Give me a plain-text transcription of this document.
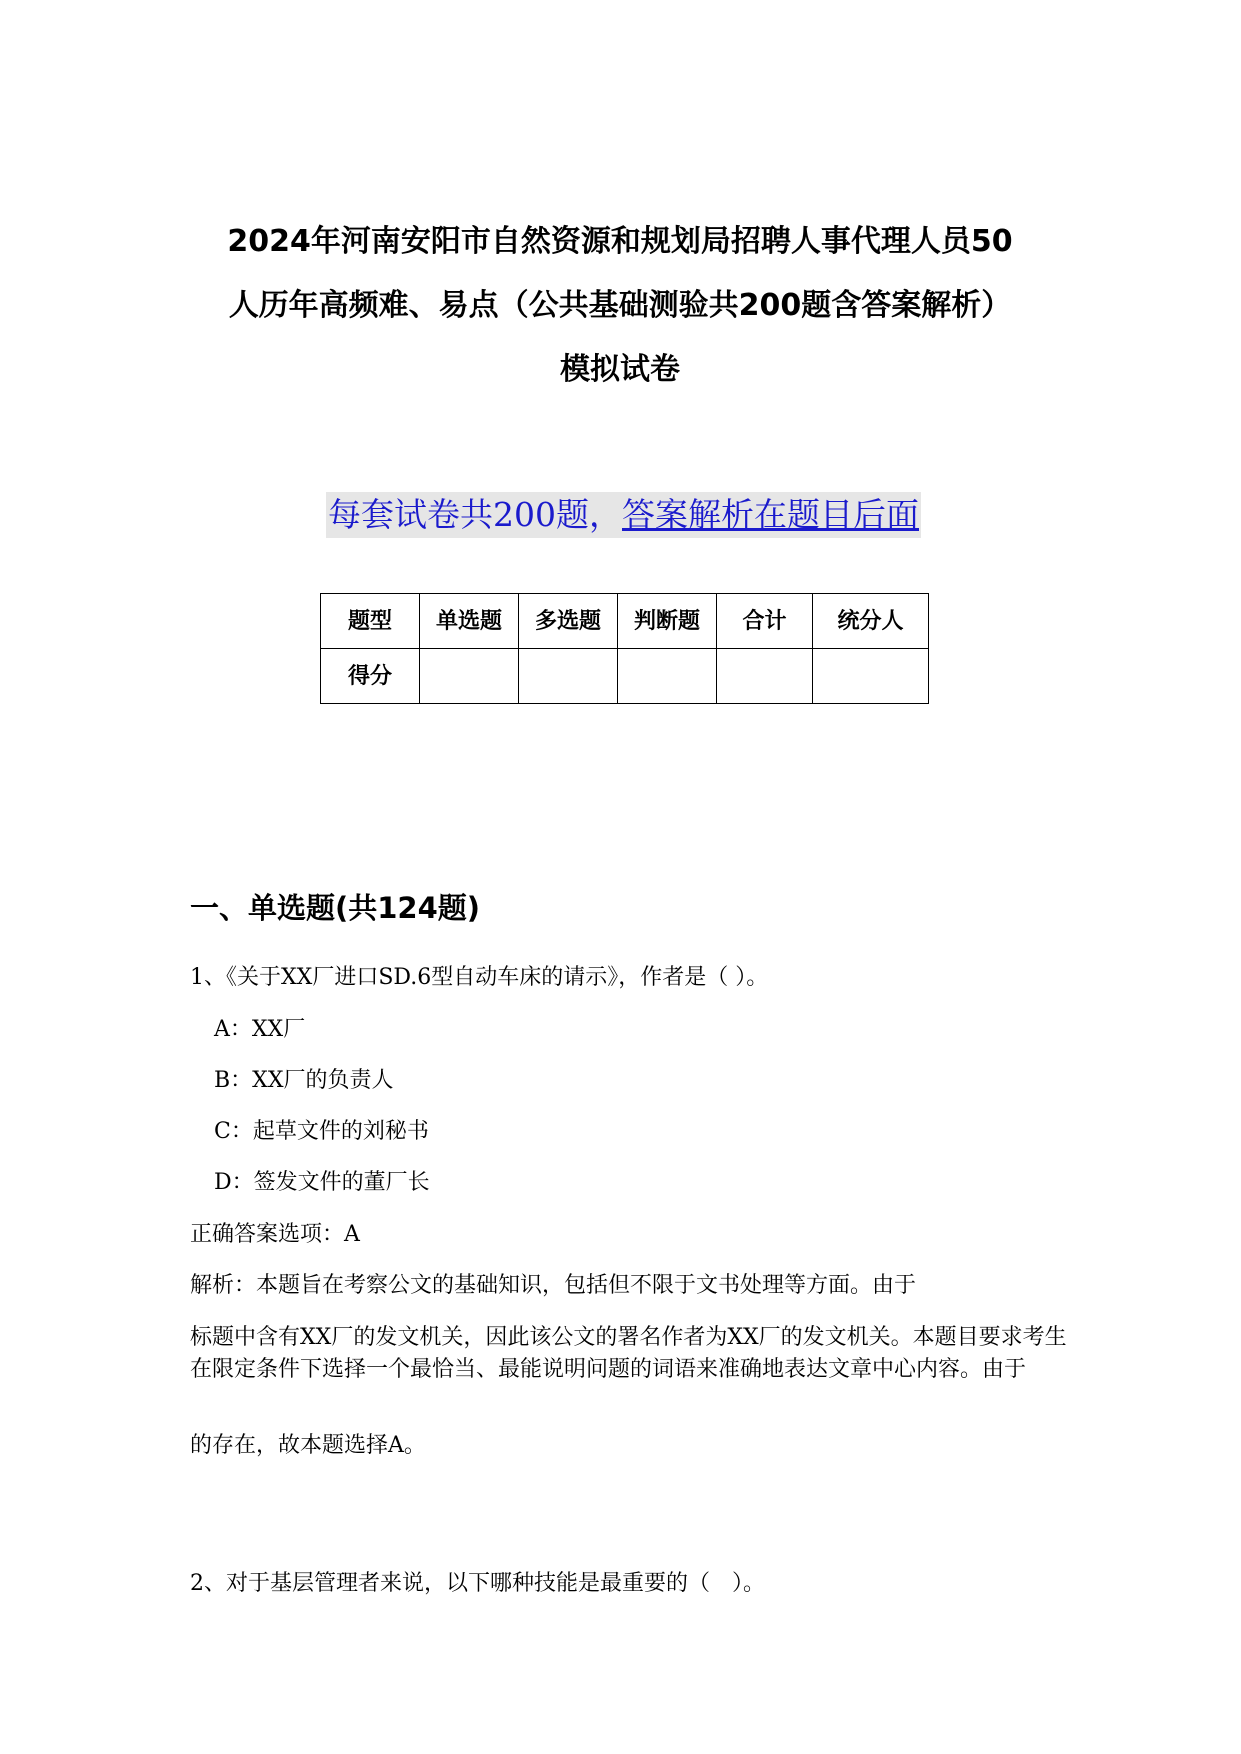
2024年河南安阳市自然资源和规划局招聘人事代理人员50
人历年高频难、易点（公共基础测验共200题含答案解析）
模拟试卷
每套试卷共200题，答案解析在题目后面
题型	单选题	多选题	判断题	合计	统分人
得分					
一、单选题(共124题)
1、《关于XX厂进口SD.6型自动车床的请示》，作者是（ ）。
A：XX厂
B：XX厂的负责人
C：起草文件的刘秘书
D：签发文件的董厂长
正确答案选项：A
解析：本题旨在考察公文的基础知识，包括但不限于文书处理等方面。由于
标题中含有XX厂的发文机关，因此该公文的署名作者为XX厂的发文机关。本题目要求考生在限定条件下选择一个最恰当、最能说明问题的词语来准确地表达文章中心内容。由于
的存在，故本题选择A。
2、对于基层管理者来说，以下哪种技能是最重要的（　）。
